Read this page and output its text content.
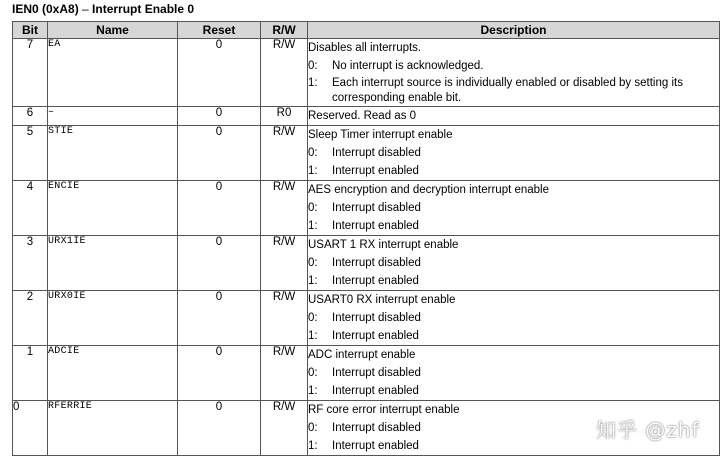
IEN0 (0xA8) – Interrupt Enable 0
Bit	Name	Reset	R/W	Description
7	EA	0	R/W	Disables all interrupts.
0: No interrupt is acknowledged.
1: Each interrupt source is individually enabled or disabled by setting its corresponding enable bit.

6	–	0	R0	Reserved. Read as 0

5	STIE	0	R/W	Sleep Timer interrupt enable
0: Interrupt disabled
1: Interrupt enabled

4	ENCIE	0	R/W	AES encryption and decryption interrupt enable
0: Interrupt disabled
1: Interrupt enabled

3	URX1IE	0	R/W	USART 1 RX interrupt enable
0: Interrupt disabled
1: Interrupt enabled

2	URX0IE	0	R/W	USART0 RX interrupt enable
0: Interrupt disabled
1: Interrupt enabled

1	ADCIE	0	R/W	ADC interrupt enable
0: Interrupt disabled
1: Interrupt enabled

0	RFERRIE	0	R/W	RF core error interrupt enable
0: Interrupt disabled
1: Interrupt enabled
知乎 @zhf
